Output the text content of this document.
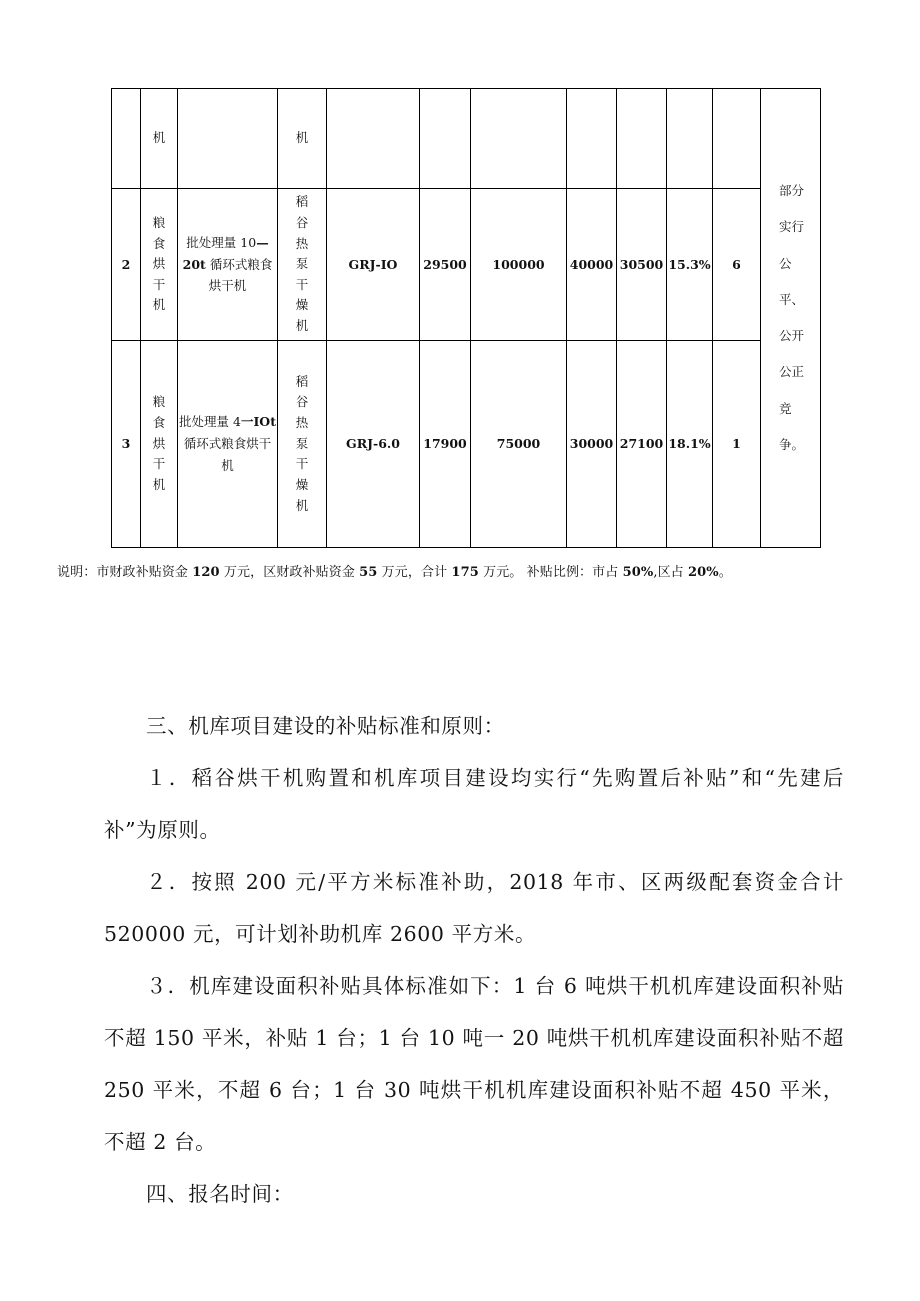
	机		机								部分实行公平、公开公正竞争。

2	粮食烘干机	批处理量 10—20t 循环式粮食烘干机	稻谷热泵干燥机	GRJ-IO	29500	100000	40000	30500	15.3%	6	
3	粮食烘干机	批处理量 4一IOt 循环式粮食烘干机	稻谷热泵干燥机	GRJ-6.0	17900	75000	30000	27100	18.1%	1	
说明：市财政补贴资金 120 万元，区财政补贴资金 55 万元，合计 175 万元。 补贴比例：市占 50%,区占 20%。

三、机库项目建设的补贴标准和原则：

１．稻谷烘干机购置和机库项目建设均实行“先购置后补贴”和“先建后补”为原则。

２．按照 200 元/平方米标准补助，2018 年市、区两级配套资金合计 520000 元，可计划补助机库 2600 平方米。

３．机库建设面积补贴具体标准如下：1 台 6 吨烘干机机库建设面积补贴不超 150 平米，补贴 1 台；1 台 10 吨一 20 吨烘干机机库建设面积补贴不超 250 平米，不超 6 台；1 台 30 吨烘干机机库建设面积补贴不超 450 平米，不超 2 台。

四、报名时间：
